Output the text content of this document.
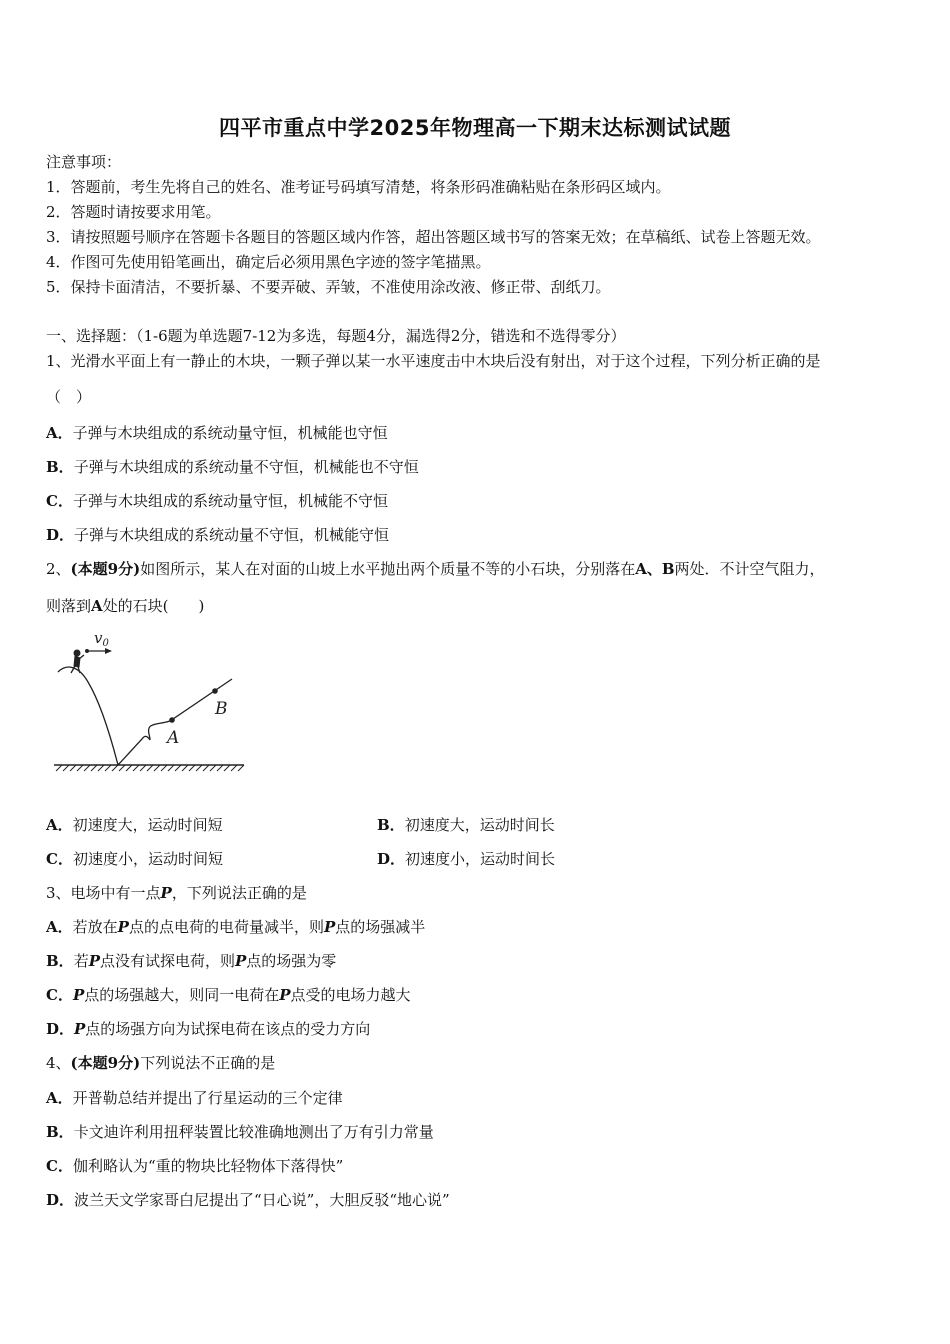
四平市重点中学2025年物理高一下期末达标测试试题
注意事项：
1．答题前，考生先将自己的姓名、准考证号码填写清楚，将条形码准确粘贴在条形码区域内。
2．答题时请按要求用笔。
3．请按照题号顺序在答题卡各题目的答题区域内作答，超出答题区域书写的答案无效；在草稿纸、试卷上答题无效。
4．作图可先使用铅笔画出，确定后必须用黑色字迹的签字笔描黑。
5．保持卡面清洁，不要折暴、不要弄破、弄皱，不准使用涂改液、修正带、刮纸刀。
一、选择题：（1-6题为单选题7-12为多选，每题4分，漏选得2分，错选和不选得零分）
1、光滑水平面上有一静止的木块，一颗子弹以某一水平速度击中木块后没有射出，对于这个过程，下列分析正确的是
（　）
A．子弹与木块组成的系统动量守恒，机械能也守恒
B．子弹与木块组成的系统动量不守恒，机械能也不守恒
C．子弹与木块组成的系统动量守恒，机械能不守恒
D．子弹与木块组成的系统动量不守恒，机械能守恒
2、(本题9分)如图所示，某人在对面的山坡上水平抛出两个质量不等的小石块，分别落在A、B两处．不计空气阻力，
则落到A处的石块(　　)
$v_0$
A
B
A．初速度大，运动时间短	B．初速度大，运动时间长
C．初速度小，运动时间短	D．初速度小，运动时间长
3、电场中有一点P，下列说法正确的是
A．若放在P点的点电荷的电荷量减半，则P点的场强减半
B．若P点没有试探电荷，则P点的场强为零
C．P点的场强越大，则同一电荷在P点受的电场力越大
D．P点的场强方向为试探电荷在该点的受力方向
4、(本题9分)下列说法不正确的是
A．开普勒总结并提出了行星运动的三个定律
B．卡文迪许利用扭秤装置比较准确地测出了万有引力常量
C．伽利略认为“重的物块比轻物体下落得快”
D．波兰天文学家哥白尼提出了“日心说”，大胆反驳“地心说”
